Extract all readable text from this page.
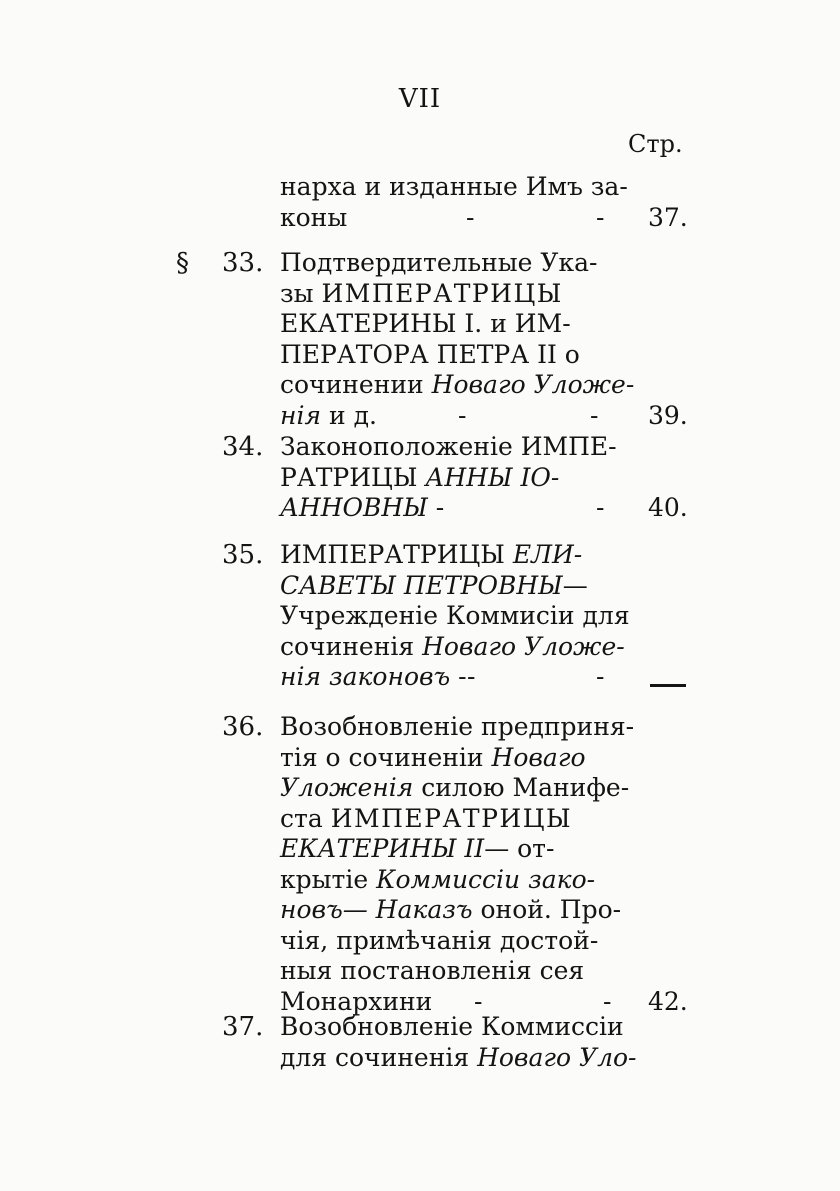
VII
Стр.
нарха и изданные Имъ за-
коны	-	- 37.
§ 33. Подтвердительные Ука-
зы ИМПЕРАТРИЦЫ
ЕКАТЕРИНЫ I. и ИМ-
ПЕРАТОРА ПЕТРА II о
сочинении Новаго Уложе-
нія и д.	-	- 39.
34. Законоположеніе ИМПЕ-
РАТРИЦЫ АННЫ IО-
АННОВНЫ -	- 40.
35. ИМПЕРАТРИЦЫ ЕЛИ-
САВЕТЫ ПЕТРОВНЫ—
Учрежденіе Коммисіи для
сочиненія Новаго Уложе-
нія законовъ - -	-
36. Возобновленіе предприня-
тія о сочиненіи Новаго
Уложенія силою Манифе-
ста ИМПЕРАТРИЦЫ
ЕКАТЕРИНЫ II— от-
крытіе Коммиссіи зако-
новъ— Наказъ оной. Про-
чія, примѣчанія достой-
ныя постановленія сея
Монархини -	- 42.
37. Возобновленіе Коммиссіи
для сочиненія Новаго Уло-
